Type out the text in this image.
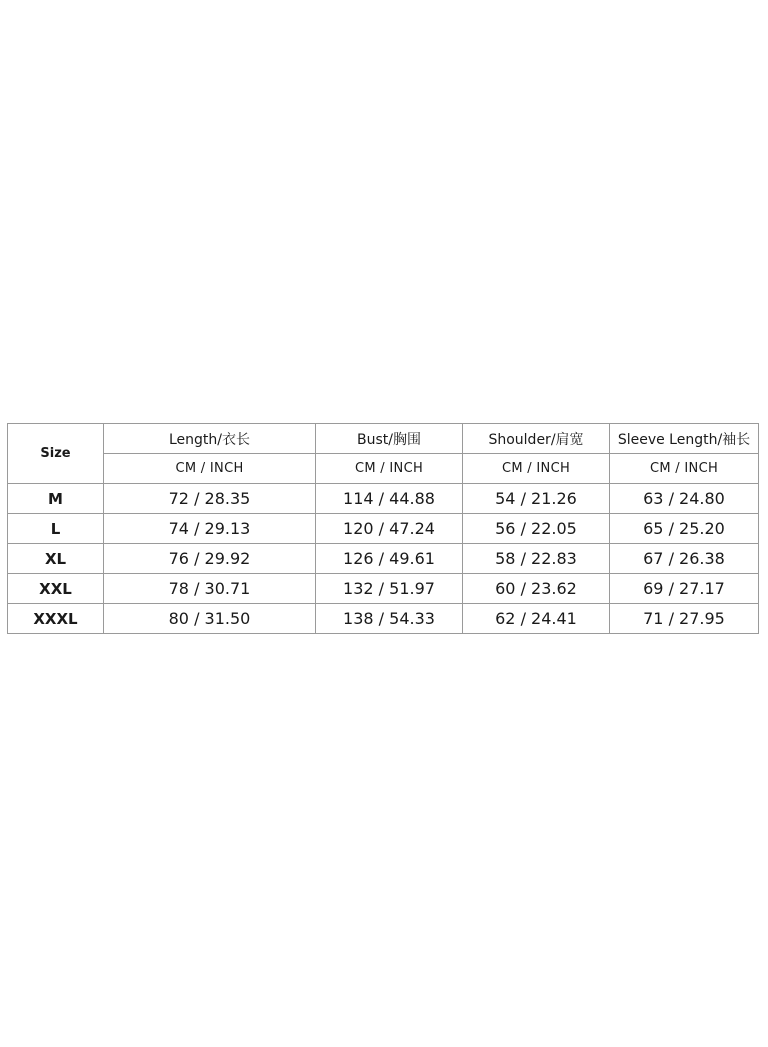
Size	Length/衣长	Bust/胸围	Shoulder/肩宽	Sleeve Length/袖长
	CM / INCH	CM / INCH	CM / INCH	CM / INCH
M	72 / 28.35	114 / 44.88	54 / 21.26	63 / 24.80
L	74 / 29.13	120 / 47.24	56 / 22.05	65 / 25.20
XL	76 / 29.92	126 / 49.61	58 / 22.83	67 / 26.38
XXL	78 / 30.71	132 / 51.97	60 / 23.62	69 / 27.17
XXXL	80 / 31.50	138 / 54.33	62 / 24.41	71 / 27.95
